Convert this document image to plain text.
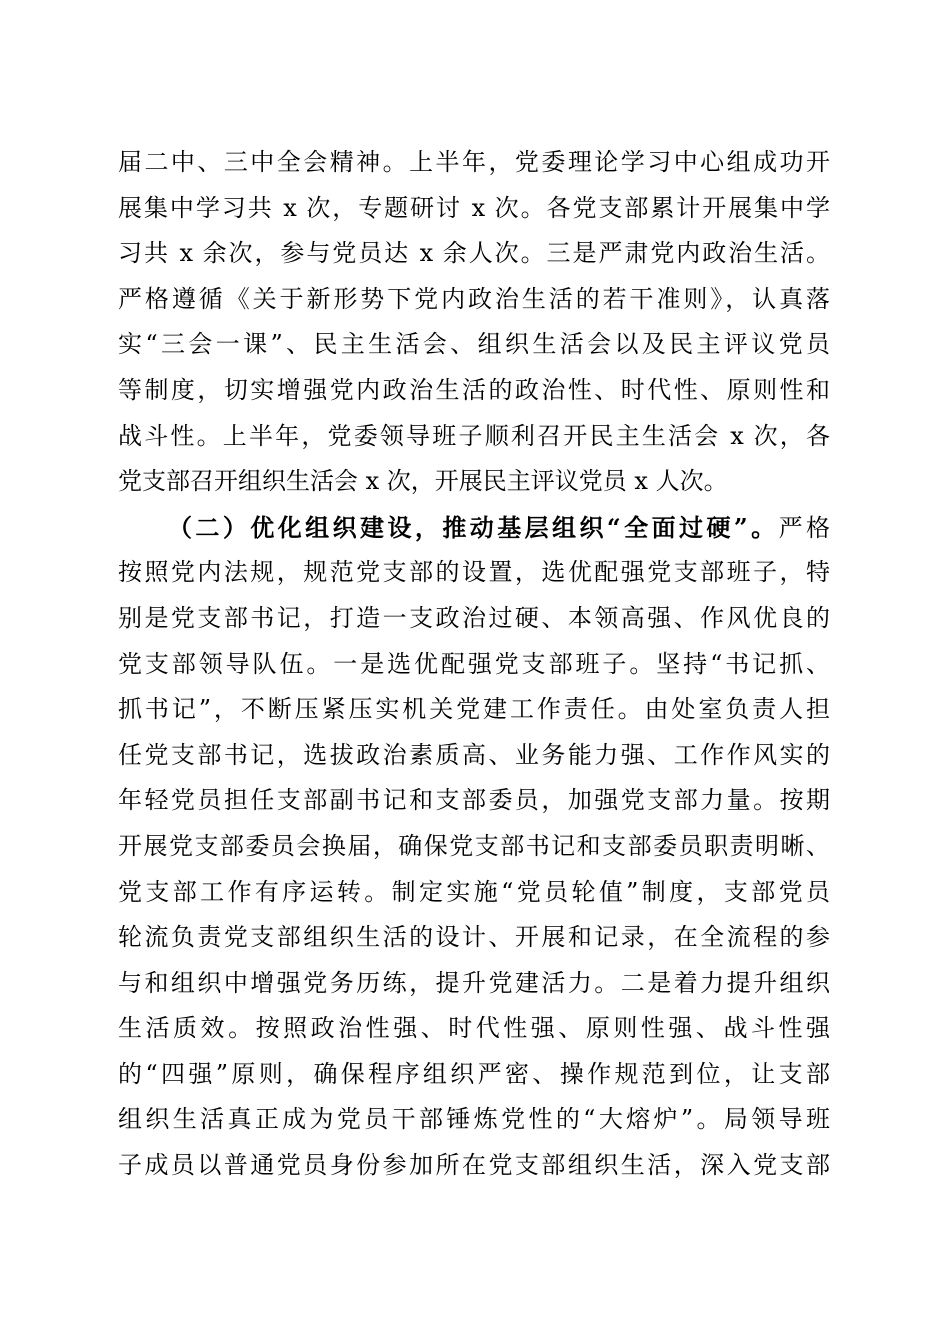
届二中、三中全会精神。上半年，党委理论学习中心组成功开
展集中学习共 x 次，专题研讨 x 次。各党支部累计开展集中学
习共 x 余次，参与党员达 x 余人次。三是严肃党内政治生活。
严格遵循《关于新形势下党内政治生活的若干准则》，认真落
实“三会一课”、民主生活会、组织生活会以及民主评议党员
等制度，切实增强党内政治生活的政治性、时代性、原则性和
战斗性。上半年，党委领导班子顺利召开民主生活会 x 次，各
党支部召开组织生活会 x 次，开展民主评议党员 x 人次。
（二）优化组织建设，推动基层组织“全面过硬”。严格
按照党内法规，规范党支部的设置，选优配强党支部班子，特
别是党支部书记，打造一支政治过硬、本领高强、作风优良的
党支部领导队伍。一是选优配强党支部班子。坚持“书记抓、
抓书记”，不断压紧压实机关党建工作责任。由处室负责人担
任党支部书记，选拔政治素质高、业务能力强、工作作风实的
年轻党员担任支部副书记和支部委员，加强党支部力量。按期
开展党支部委员会换届，确保党支部书记和支部委员职责明晰、
党支部工作有序运转。制定实施“党员轮值”制度，支部党员
轮流负责党支部组织生活的设计、开展和记录，在全流程的参
与和组织中增强党务历练，提升党建活力。二是着力提升组织
生活质效。按照政治性强、时代性强、原则性强、战斗性强
的“四强”原则，确保程序组织严密、操作规范到位，让支部
组织生活真正成为党员干部锤炼党性的“大熔炉”。局领导班
子成员以普通党员身份参加所在党支部组织生活，深入党支部
